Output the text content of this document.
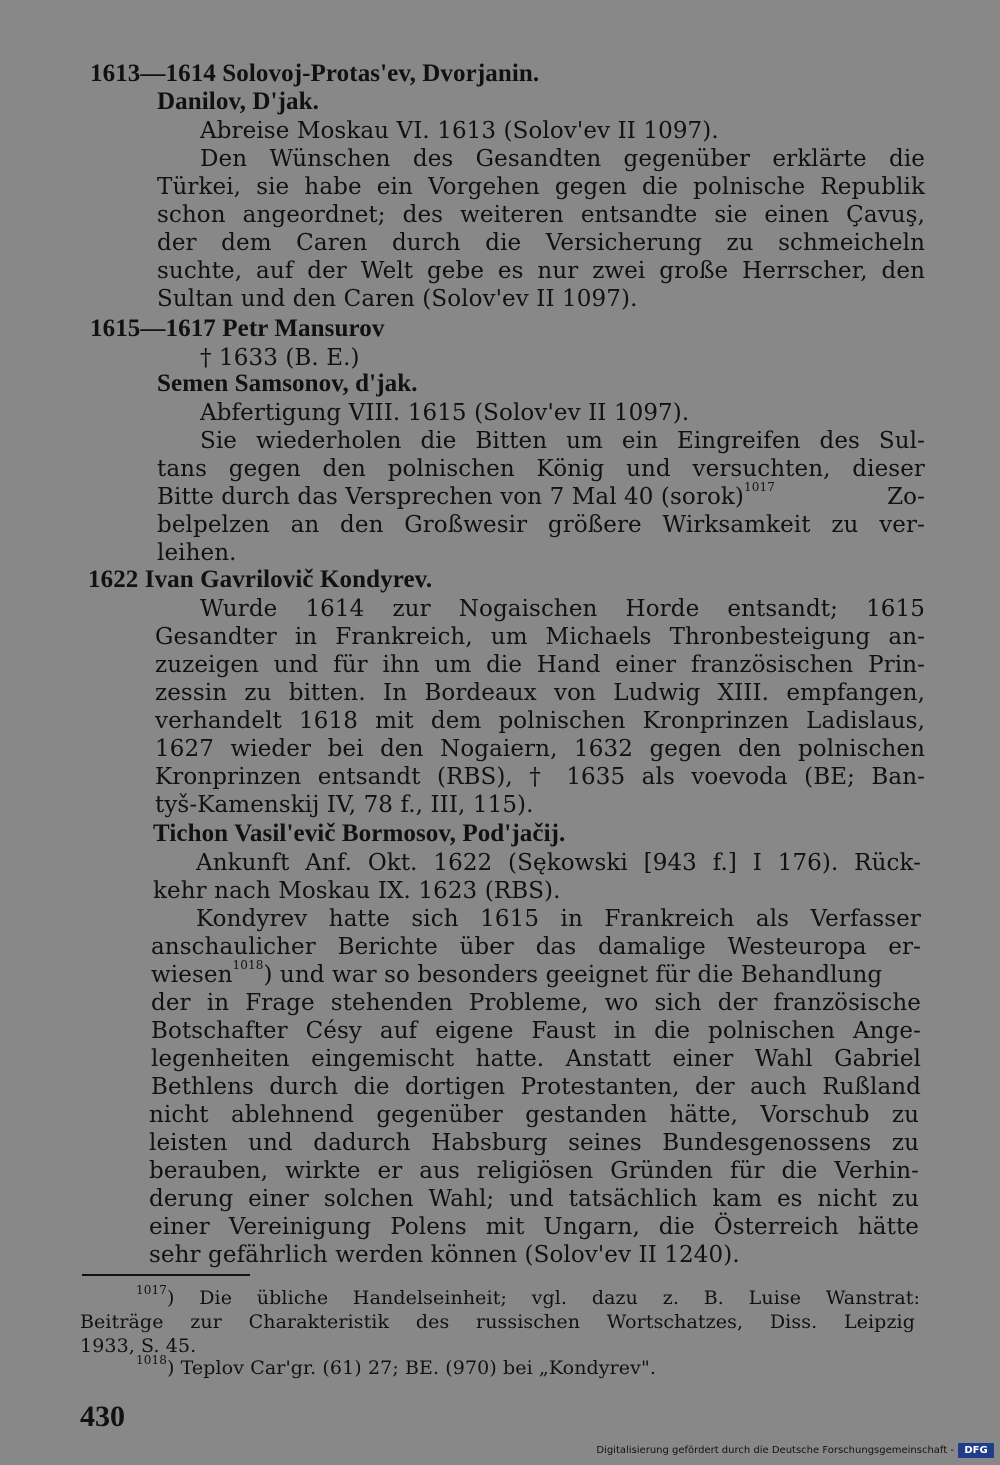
1613—1614 Solovoj-Protas'ev, Dvorjanin.
Danilov, D'jak.
Abreise Moskau VI. 1613 (Solov'ev II 1097).
Den Wünschen des Gesandten gegenüber erklärte die
Türkei, sie habe ein Vorgehen gegen die polnische Republik
schon angeordnet; des weiteren entsandte sie einen Çavuş,
der dem Caren durch die Versicherung zu schmeicheln
suchte, auf der Welt gebe es nur zwei große Herrscher, den
Sultan und den Caren (Solov'ev II 1097).
1615—1617 Petr Mansurov
† 1633 (B. E.)
Semen Samsonov, d'jak.
Abfertigung VIII. 1615 (Solov'ev II 1097).
Sie wiederholen die Bitten um ein Eingreifen des Sul-
tans gegen den polnischen König und versuchten, dieser
Bitte durch das Versprechen von 7 Mal 40 (sorok)$^{1017}$	Zo-
belpelzen an den Großwesir größere Wirksamkeit zu ver-
leihen.
1622 Ivan Gavrilovič Kondyrev.
Wurde 1614 zur Nogaischen Horde entsandt; 1615
Gesandter in Frankreich, um Michaels Thronbesteigung an-
zuzeigen und für ihn um die Hand einer französischen Prin-
zessin zu bitten. In Bordeaux von Ludwig XIII. empfangen,
verhandelt 1618 mit dem polnischen Kronprinzen Ladislaus,
1627 wieder bei den Nogaiern, 1632 gegen den polnischen
Kronprinzen entsandt (RBS), † 1635 als voevoda (BE; Ban-
tyš-Kamenskij IV, 78 f., III, 115).
Tichon Vasil'evič Bormosov, Pod'jačij.
Ankunft Anf. Okt. 1622 (Sękowski [943 f.] I 176). Rück-
kehr nach Moskau IX. 1623 (RBS).
Kondyrev hatte sich 1615 in Frankreich als Verfasser
anschaulicher Berichte über das damalige Westeuropa er-
wiesen$^{1018}$) und war so besonders geeignet für die Behandlung
der in Frage stehenden Probleme, wo sich der französische
Botschafter Césy auf eigene Faust in die polnischen Ange-
legenheiten eingemischt hatte. Anstatt einer Wahl Gabriel
Bethlens durch die dortigen Protestanten, der auch Rußland
nicht ablehnend gegenüber gestanden hätte, Vorschub zu
leisten und dadurch Habsburg seines Bundesgenossens zu
berauben, wirkte er aus religiösen Gründen für die Verhin-
derung einer solchen Wahl; und tatsächlich kam es nicht zu
einer Vereinigung Polens mit Ungarn, die Österreich hätte
sehr gefährlich werden können (Solov'ev II 1240).
$^{1017}$) Die übliche Handelseinheit; vgl. dazu z. B. Luise Wanstrat:
Beiträge zur Charakteristik des russischen Wortschatzes, Diss. Leipzig
1933, S. 45.
$^{1018}$) Teplov Car'gr. (61) 27; BE. (970) bei „Kondyrev".
430
Digitalisierung gefördert durch die Deutsche Forschungsgemeinschaft -	DFG
